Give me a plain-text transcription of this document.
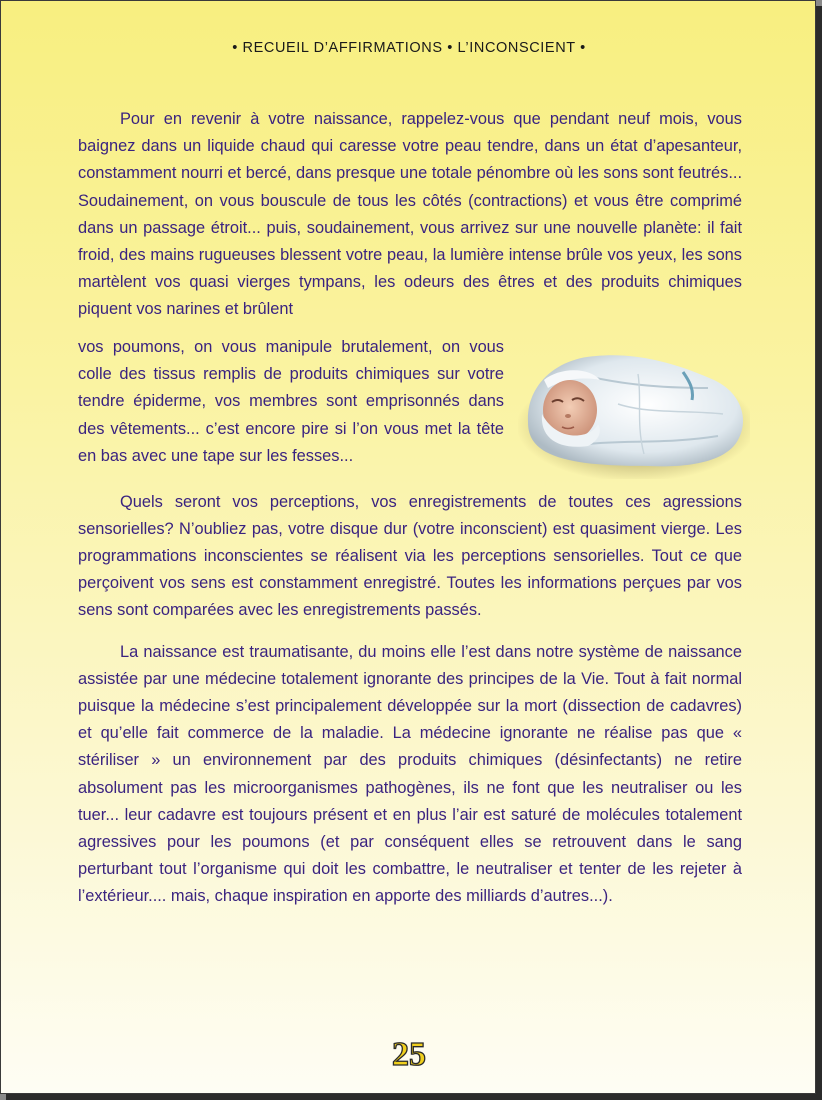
• RECUEIL D’AFFIRMATIONS • L’INCONSCIENT •

Pour en revenir à votre naissance, rappelez-vous que pendant neuf mois, vous baignez dans un liquide chaud qui caresse votre peau tendre, dans un état d’apesanteur, constamment nourri et bercé, dans presque une totale pénombre où les sons sont feutrés... Soudainement, on vous bouscule de tous les côtés (contractions) et vous être comprimé dans un passage étroit... puis, soudainement, vous arrivez sur une nouvelle planète: il fait froid, des mains rugueuses blessent votre peau, la lumière intense brûle vos yeux, les sons martèlent vos quasi vierges tympans, les odeurs des êtres et des produits chimiques piquent vos narines et brûlent

vos poumons, on vous manipule brutalement, on vous colle des tissus remplis de produits chimiques sur votre tendre épiderme, vos membres sont emprisonnés dans des vêtements... c’est encore pire si l’on vous met la tête en bas avec une tape sur les fesses...

Quels seront vos perceptions, vos enregistrements de toutes ces agressions sensorielles? N’oubliez pas, votre disque dur (votre inconscient) est quasiment vierge. Les programmations inconscientes se réalisent via les perceptions sensorielles. Tout ce que perçoivent vos sens est constamment enregistré. Toutes les informations perçues par vos sens sont comparées avec les enregistrements passés.

La naissance est traumatisante, du moins elle l’est dans notre système de naissance assistée par une médecine totalement ignorante des principes de la Vie. Tout à fait normal puisque la médecine s’est principalement développée sur la mort (dissection de cadavres) et qu’elle fait commerce de la maladie. La médecine ignorante ne réalise pas que « stériliser » un environnement par des produits chimiques (désinfectants) ne retire absolument pas les microorganismes pathogènes, ils ne font que les neutraliser ou les tuer... leur cadavre est toujours présent et en plus l’air est saturé de molécules totalement agressives pour les poumons (et par conséquent elles se retrouvent dans le sang perturbant tout l’organisme qui doit les combattre, le neutraliser et tenter de les rejeter à l’extérieur.... mais, chaque inspiration en apporte des milliards d’autres...).

25
